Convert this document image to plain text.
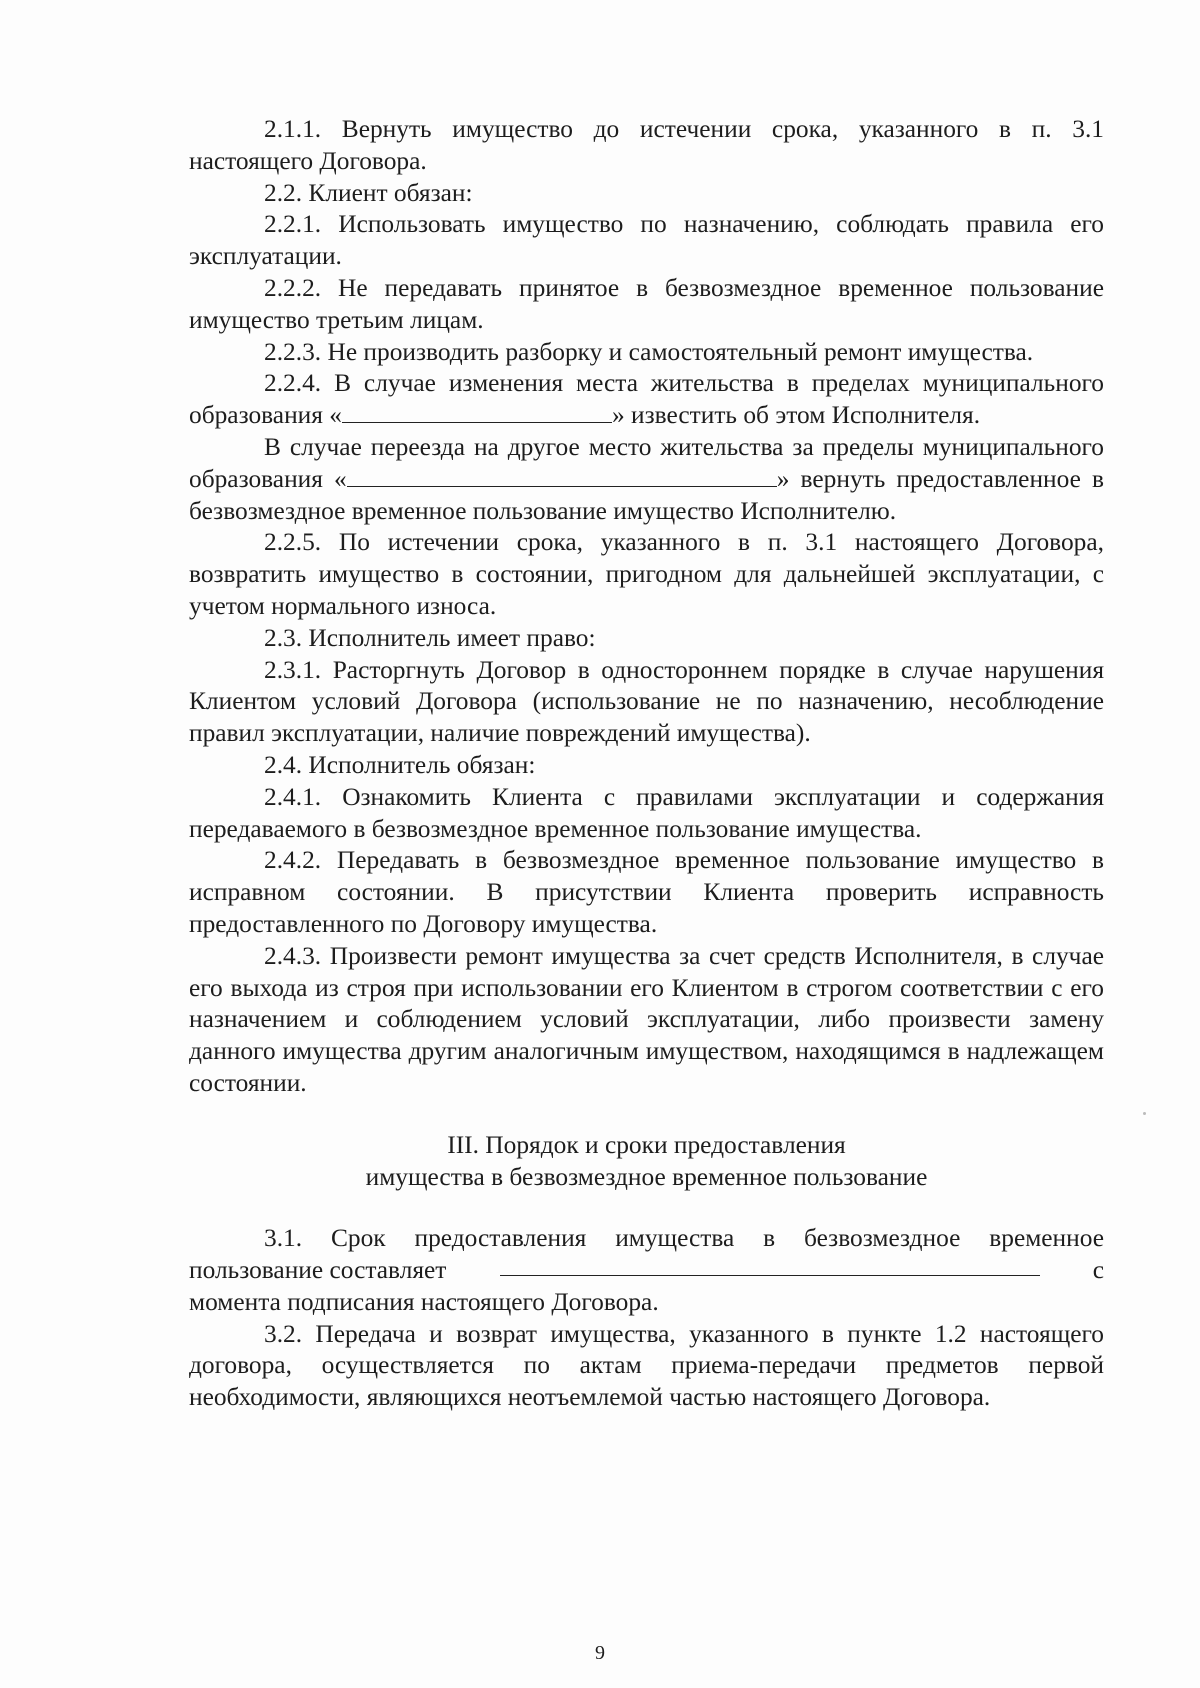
2.1.1. Вернуть имущество до истечении срока, указанного в п. 3.1 настоящего Договора.

2.2. Клиент обязан:

2.2.1. Использовать имущество по назначению, соблюдать правила его эксплуатации.

2.2.2. Не передавать принятое в безвозмездное временное пользование имущество третьим лицам.

2.2.3. Не производить разборку и самостоятельный ремонт имущества.

2.2.4. В случае изменения места жительства в пределах муниципального образования «	» известить об этом Исполнителя.

В случае переезда на другое место жительства за пределы муниципального образования «	» вернуть предоставленное в безвозмездное временное пользование имущество Исполнителю.

2.2.5. По истечении срока, указанного в п. 3.1 настоящего Договора, возвратить имущество в состоянии, пригодном для дальнейшей эксплуатации, с учетом нормального износа.

2.3. Исполнитель имеет право:

2.3.1. Расторгнуть Договор в одностороннем порядке в случае нарушения Клиентом условий Договора (использование не по назначению, несоблюдение правил эксплуатации, наличие повреждений имущества).

2.4. Исполнитель обязан:

2.4.1. Ознакомить Клиента с правилами эксплуатации и содержания передаваемого в безвозмездное временное пользование имущества.

2.4.2. Передавать в безвозмездное временное пользование имущество в исправном состоянии. В присутствии Клиента проверить исправность предоставленного по Договору имущества.

2.4.3. Произвести ремонт имущества за счет средств Исполнителя, в случае его выхода из строя при использовании его Клиентом в строгом соответствии с его назначением и соблюдением условий эксплуатации, либо произвести замену данного имущества другим аналогичным имуществом, находящимся в надлежащем состоянии.

III. Порядок и сроки предоставления

имущества в безвозмездное временное пользование

3.1. Срок предоставления имущества в безвозмездное временное

пользование составляет	с

момента подписания настоящего Договора.

3.2. Передача и возврат имущества, указанного в пункте 1.2 настоящего договора, осуществляется по актам приема-передачи предметов первой необходимости, являющихся неотъемлемой частью настоящего Договора.

9
